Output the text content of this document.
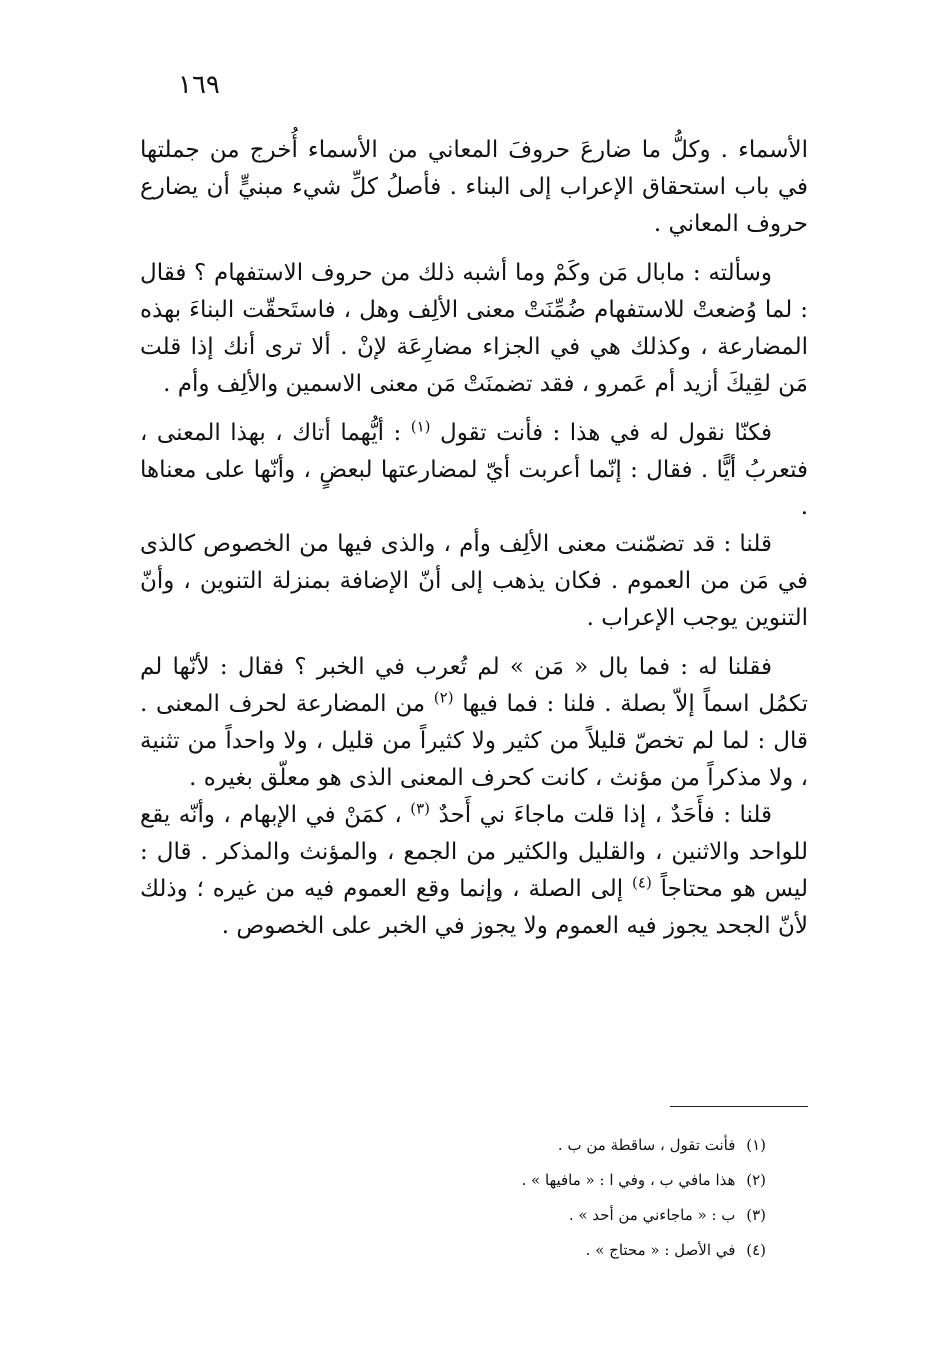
١٦٩

الأسماء . وكلُّ ما ضارعَ حروفَ المعاني من الأسماء أُخرج من جملتها في باب استحقاق الإعراب إلى البناء . فأصلُ كلِّ شيء مبنيٍّ أن يضارع حروف المعاني .

وسألته : مابال مَن وكَمْ وما أشبه ذلك من حروف الاستفهام ؟ فقال : لما وُضعتْ للاستفهام ضُمِّنَتْ معنى الألِف وهل ، فاستَحقّت البناءَ بهذه المضارعة ، وكذلك هي في الجزاء مضارِعَة لإنْ . ألا ترى أنك إذا قلت مَن لقِيكَ أزيد أم عَمرو ، فقد تضمنَتْ مَن معنى الاسمين والألِف وأم .

فكنّا نقول له في هذا : فأنت تقول $^{(١)}$ : أيُّهما أتاك ، بهذا المعنى ، فتعربُ أيًّا . فقال : إنّما أعربت أيّ لمضارعتها لبعضٍ ، وأنّها على معناها .

قلنا : قد تضمّنت معنى الألِف وأم ، والذى فيها من الخصوص كالذى في مَن من العموم . فكان يذهب إلى أنّ الإضافة بمنزلة التنوين ، وأنّ التنوين يوجب الإعراب .

فقلنا له : فما بال « مَن » لم تُعرب في الخبر ؟ فقال : لأنّها لم تكمُل اسماً إلاّ بصلة . فلنا : فما فيها $^{(٢)}$ من المضارعة لحرف المعنى . قال : لما لم تخصّ قليلاً من كثير ولا كثيراً من قليل ، ولا واحداً من تثنية ، ولا مذكراً من مؤنث ، كانت كحرف المعنى الذى هو معلّق بغيره .

قلنا : فأَحَدٌ ، إذا قلت ماجاءَ ني أَحدٌ $^{(٣)}$ ، كمَنْ في الإبهام ، وأنّه يقع للواحد والاثنين ، والقليل والكثير من الجمع ، والمؤنث والمذكر . قال : ليس هو محتاجاً $^{(٤)}$ إلى الصلة ، وإنما وقع العموم فيه من غيره ؛ وذلك لأنّ الجحد يجوز فيه العموم ولا يجوز في الخبر على الخصوص .

(١) فأنت تقول ، ساقطة من ب .
(٢) هذا مافي ب ، وفي ا : « مافيها » .
(٣) ب : « ماجاءني من أحد » .
(٤) في الأصل : « محتاج » .
